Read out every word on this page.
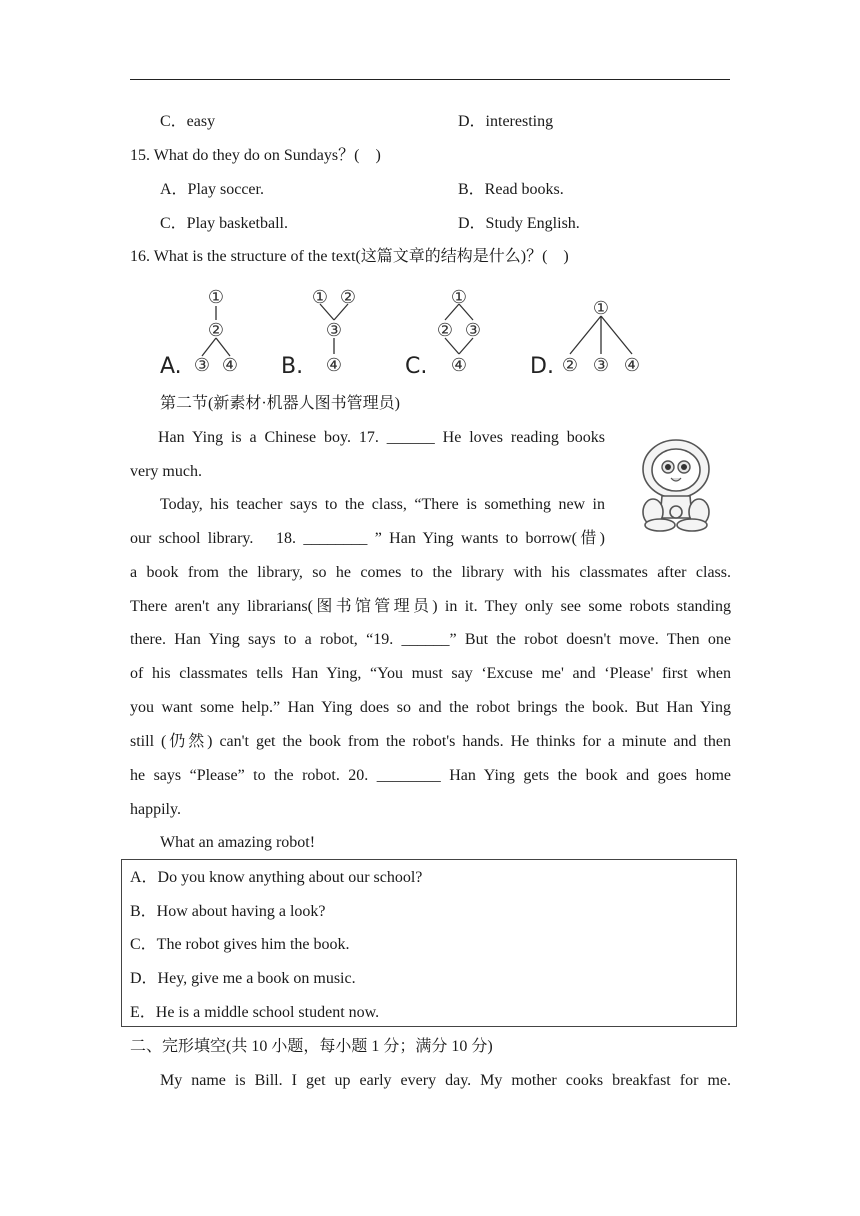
C．easy	D．interesting
15. What do they do on Sundays？(　)
A．Play soccer.	B．Read books.
C．Play basketball.	D．Study English.
16. What is the structure of the text(这篇文章的结构是什么)？(　)
①
②
③ ④
① ②
③
④
①
② ③
④
①
② ③ ④
A.	B.	C.	D.
第二节(新素材·机器人图书管理员)
Han Ying is a Chinese boy. 17. ______ He loves reading books
very much.
Today, his teacher says to the class, “There is something new in
our school library.　18. ________ ” Han Ying wants to borrow(借)
a book from the library, so he comes to the library with his classmates after class.
There aren't any librarians(图书馆管理员) in it. They only see some robots standing
there. Han Ying says to a robot, “19. ______” But the robot doesn't move. Then one
of his classmates tells Han Ying, “You must say ‘Excuse me' and ‘Please' first when
you want some help.” Han Ying does so and the robot brings the book. But Han Ying
still (仍然) can't get the book from the robot's hands. He thinks for a minute and then
he says “Please” to the robot. 20. ________ Han Ying gets the book and goes home
happily.
What an amazing robot!
A．Do you know anything about our school?
B．How about having a look?
C．The robot gives him the book.
D．Hey, give me a book on music.
E．He is a middle school student now.
二、完形填空(共 10 小题，每小题 1 分；满分 10 分)
My name is Bill. I get up early every day. My mother cooks breakfast for me.
